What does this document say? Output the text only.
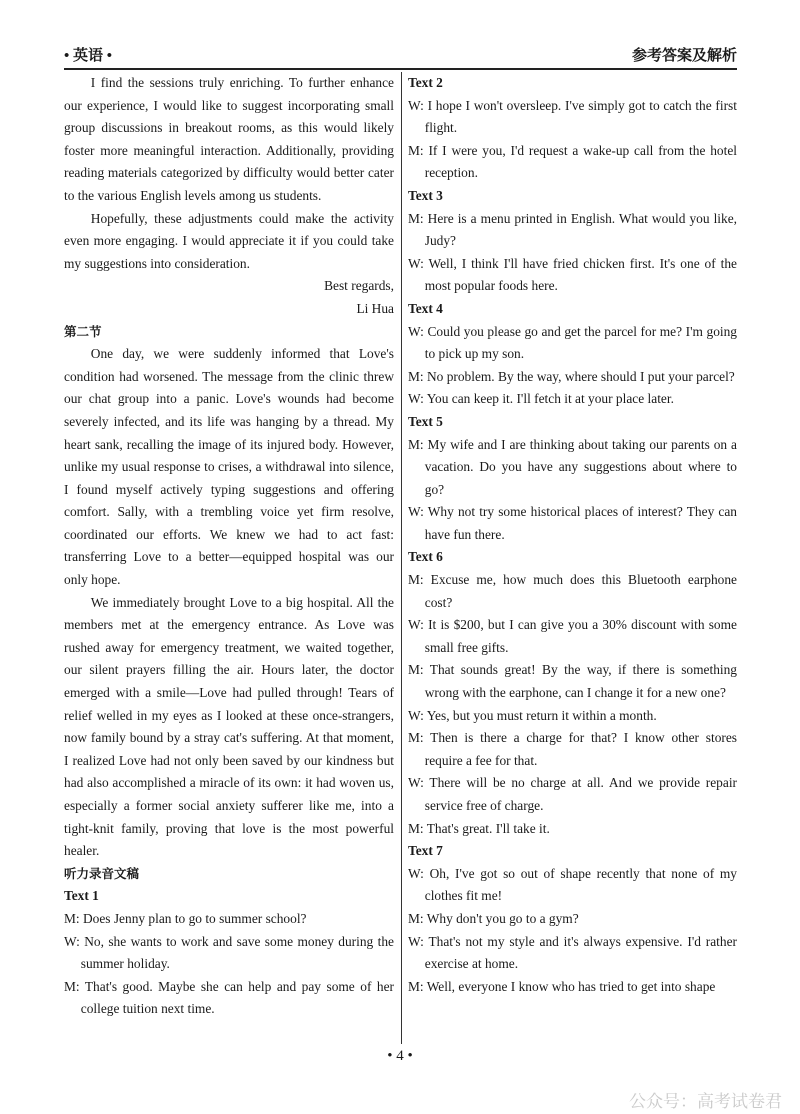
• 英语 •	参考答案及解析

I find the sessions truly enriching. To further enhance our experience, I would like to suggest incorporating small group discussions in breakout rooms, as this would likely foster more meaningful interaction. Additionally, providing reading materials categorized by difficulty would better cater to the various English levels among us students.

Hopefully, these adjustments could make the activity even more engaging. I would appreciate it if you could take my suggestions into consideration.

Best regards,

Li Hua

第二节

One day, we were suddenly informed that Love's condition had worsened. The message from the clinic threw our chat group into a panic. Love's wounds had become severely infected, and its life was hanging by a thread. My heart sank, recalling the image of its injured body. However, unlike my usual response to crises, a withdrawal into silence, I found myself actively typing suggestions and offering comfort. Sally, with a trembling voice yet firm resolve, coordinated our efforts. We knew we had to act fast: transferring Love to a better—equipped hospital was our only hope.

We immediately brought Love to a big hospital. All the members met at the emergency entrance. As Love was rushed away for emergency treatment, we waited together, our silent prayers filling the air. Hours later, the doctor emerged with a smile—Love had pulled through! Tears of relief welled in my eyes as I looked at these once-strangers, now family bound by a stray cat's suffering. At that moment, I realized Love had not only been saved by our kindness but had also accomplished a miracle of its own: it had woven us, especially a former social anxiety sufferer like me, into a tight-knit family, proving that love is the most powerful healer.

听力录音文稿

Text 1

M: Does Jenny plan to go to summer school?

W: No, she wants to work and save some money during the summer holiday.

M: That's good. Maybe she can help and pay some of her college tuition next time.

Text 2

W: I hope I won't oversleep. I've simply got to catch the first flight.

M: If I were you, I'd request a wake-up call from the hotel reception.

Text 3

M: Here is a menu printed in English. What would you like, Judy?

W: Well, I think I'll have fried chicken first. It's one of the most popular foods here.

Text 4

W: Could you please go and get the parcel for me? I'm going to pick up my son.

M: No problem. By the way, where should I put your parcel?

W: You can keep it. I'll fetch it at your place later.

Text 5

M: My wife and I are thinking about taking our parents on a vacation. Do you have any suggestions about where to go?

W: Why not try some historical places of interest? They can have fun there.

Text 6

M: Excuse me, how much does this Bluetooth earphone cost?

W: It is $200, but I can give you a 30% discount with some small free gifts.

M: That sounds great! By the way, if there is something wrong with the earphone, can I change it for a new one?

W: Yes, but you must return it within a month.

M: Then is there a charge for that? I know other stores require a fee for that.

W: There will be no charge at all. And we provide repair service free of charge.

M: That's great. I'll take it.

Text 7

W: Oh, I've got so out of shape recently that none of my clothes fit me!

M: Why don't you go to a gym?

W: That's not my style and it's always expensive. I'd rather exercise at home.

M: Well, everyone I know who has tried to get into shape

• 4 •
公众号：高考试卷君
